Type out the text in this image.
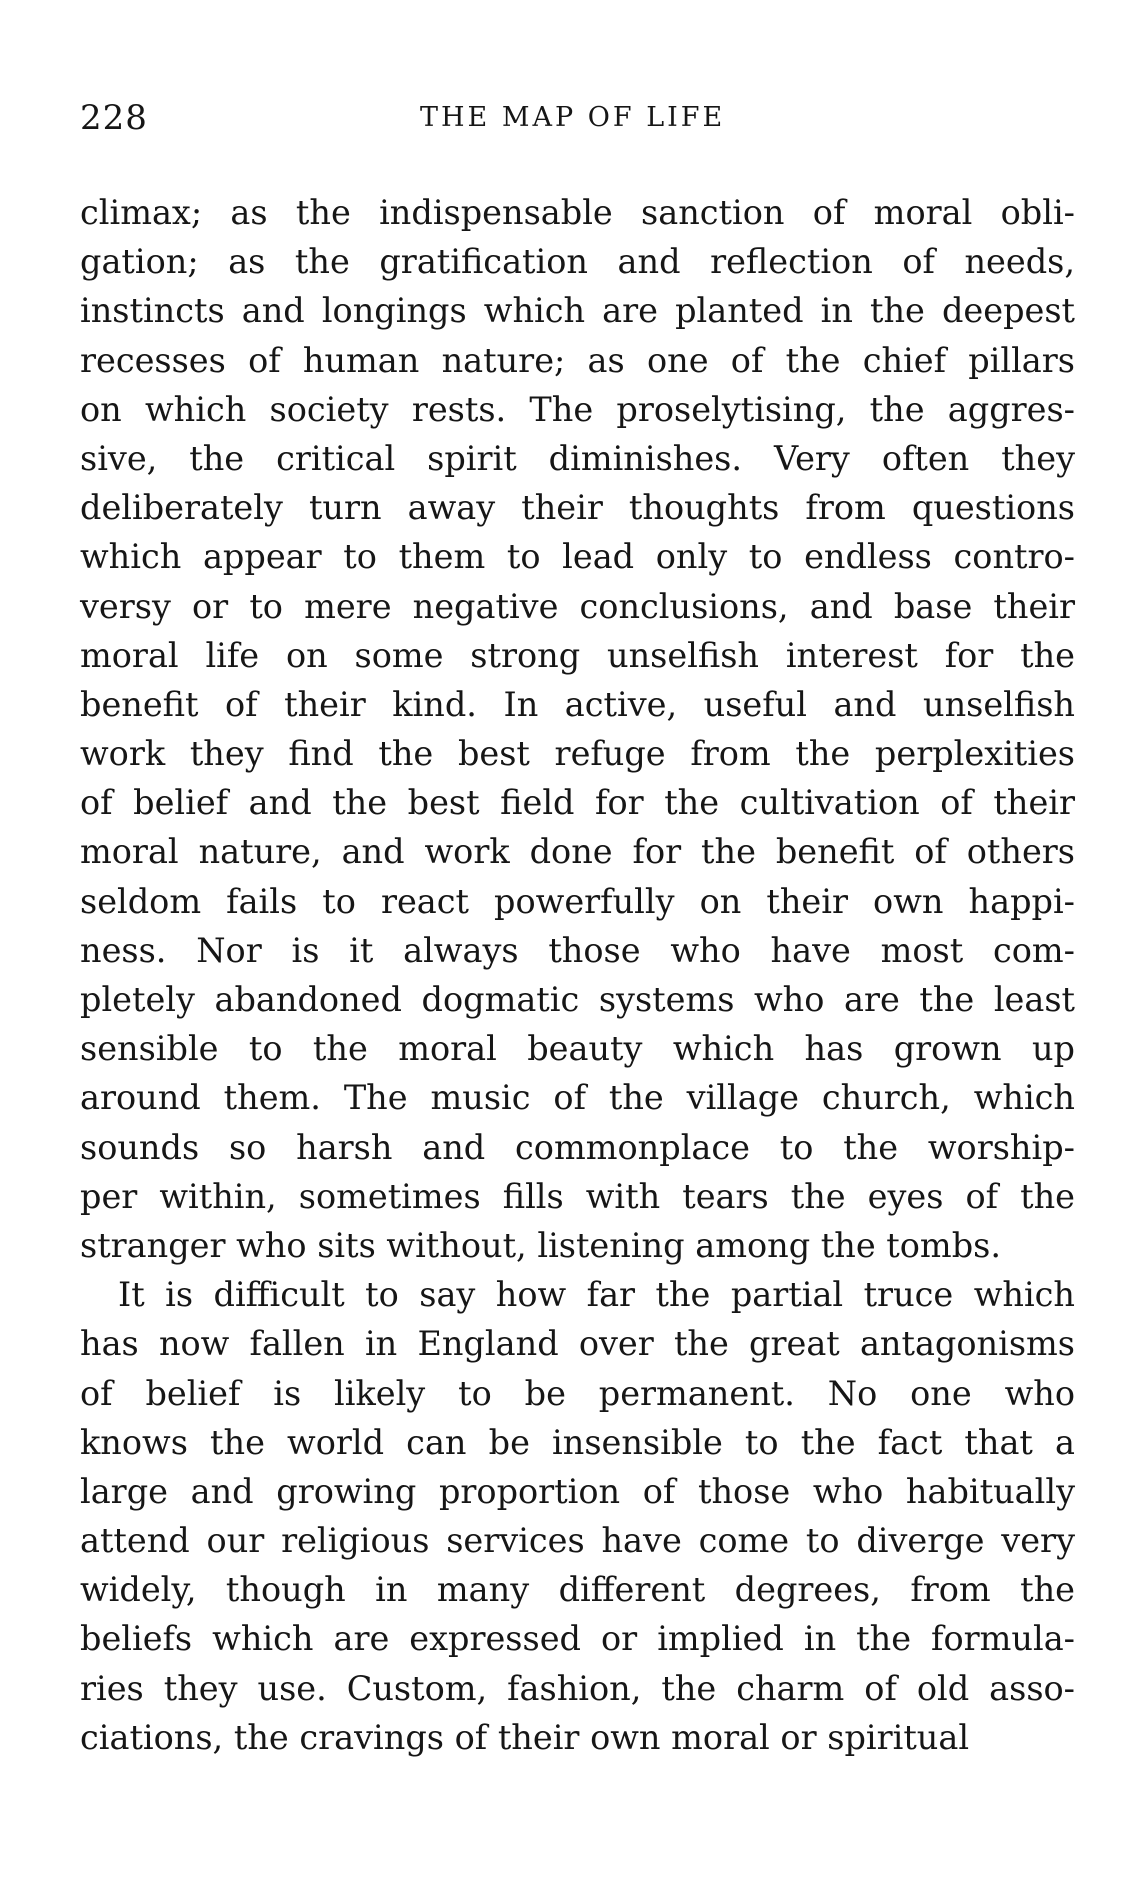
228	THE MAP OF LIFE
climax; as the indispensable sanction of moral obli-
gation; as the gratification and reflection of needs,
instincts and longings which are planted in the deepest
recesses of human nature; as one of the chief pillars
on which society rests. The proselytising, the aggres-
sive, the critical spirit diminishes. Very often they
deliberately turn away their thoughts from questions
which appear to them to lead only to endless contro-
versy or to mere negative conclusions, and base their
moral life on some strong unselfish interest for the
benefit of their kind. In active, useful and unselfish
work they find the best refuge from the perplexities
of belief and the best field for the cultivation of their
moral nature, and work done for the benefit of others
seldom fails to react powerfully on their own happi-
ness. Nor is it always those who have most com-
pletely abandoned dogmatic systems who are the least
sensible to the moral beauty which has grown up
around them. The music of the village church, which
sounds so harsh and commonplace to the worship-
per within, sometimes fills with tears the eyes of the
stranger who sits without, listening among the tombs.
It is difficult to say how far the partial truce which
has now fallen in England over the great antagonisms
of belief is likely to be permanent. No one who
knows the world can be insensible to the fact that a
large and growing proportion of those who habitually
attend our religious services have come to diverge very
widely, though in many different degrees, from the
beliefs which are expressed or implied in the formula-
ries they use. Custom, fashion, the charm of old asso-
ciations, the cravings of their own moral or spiritual
